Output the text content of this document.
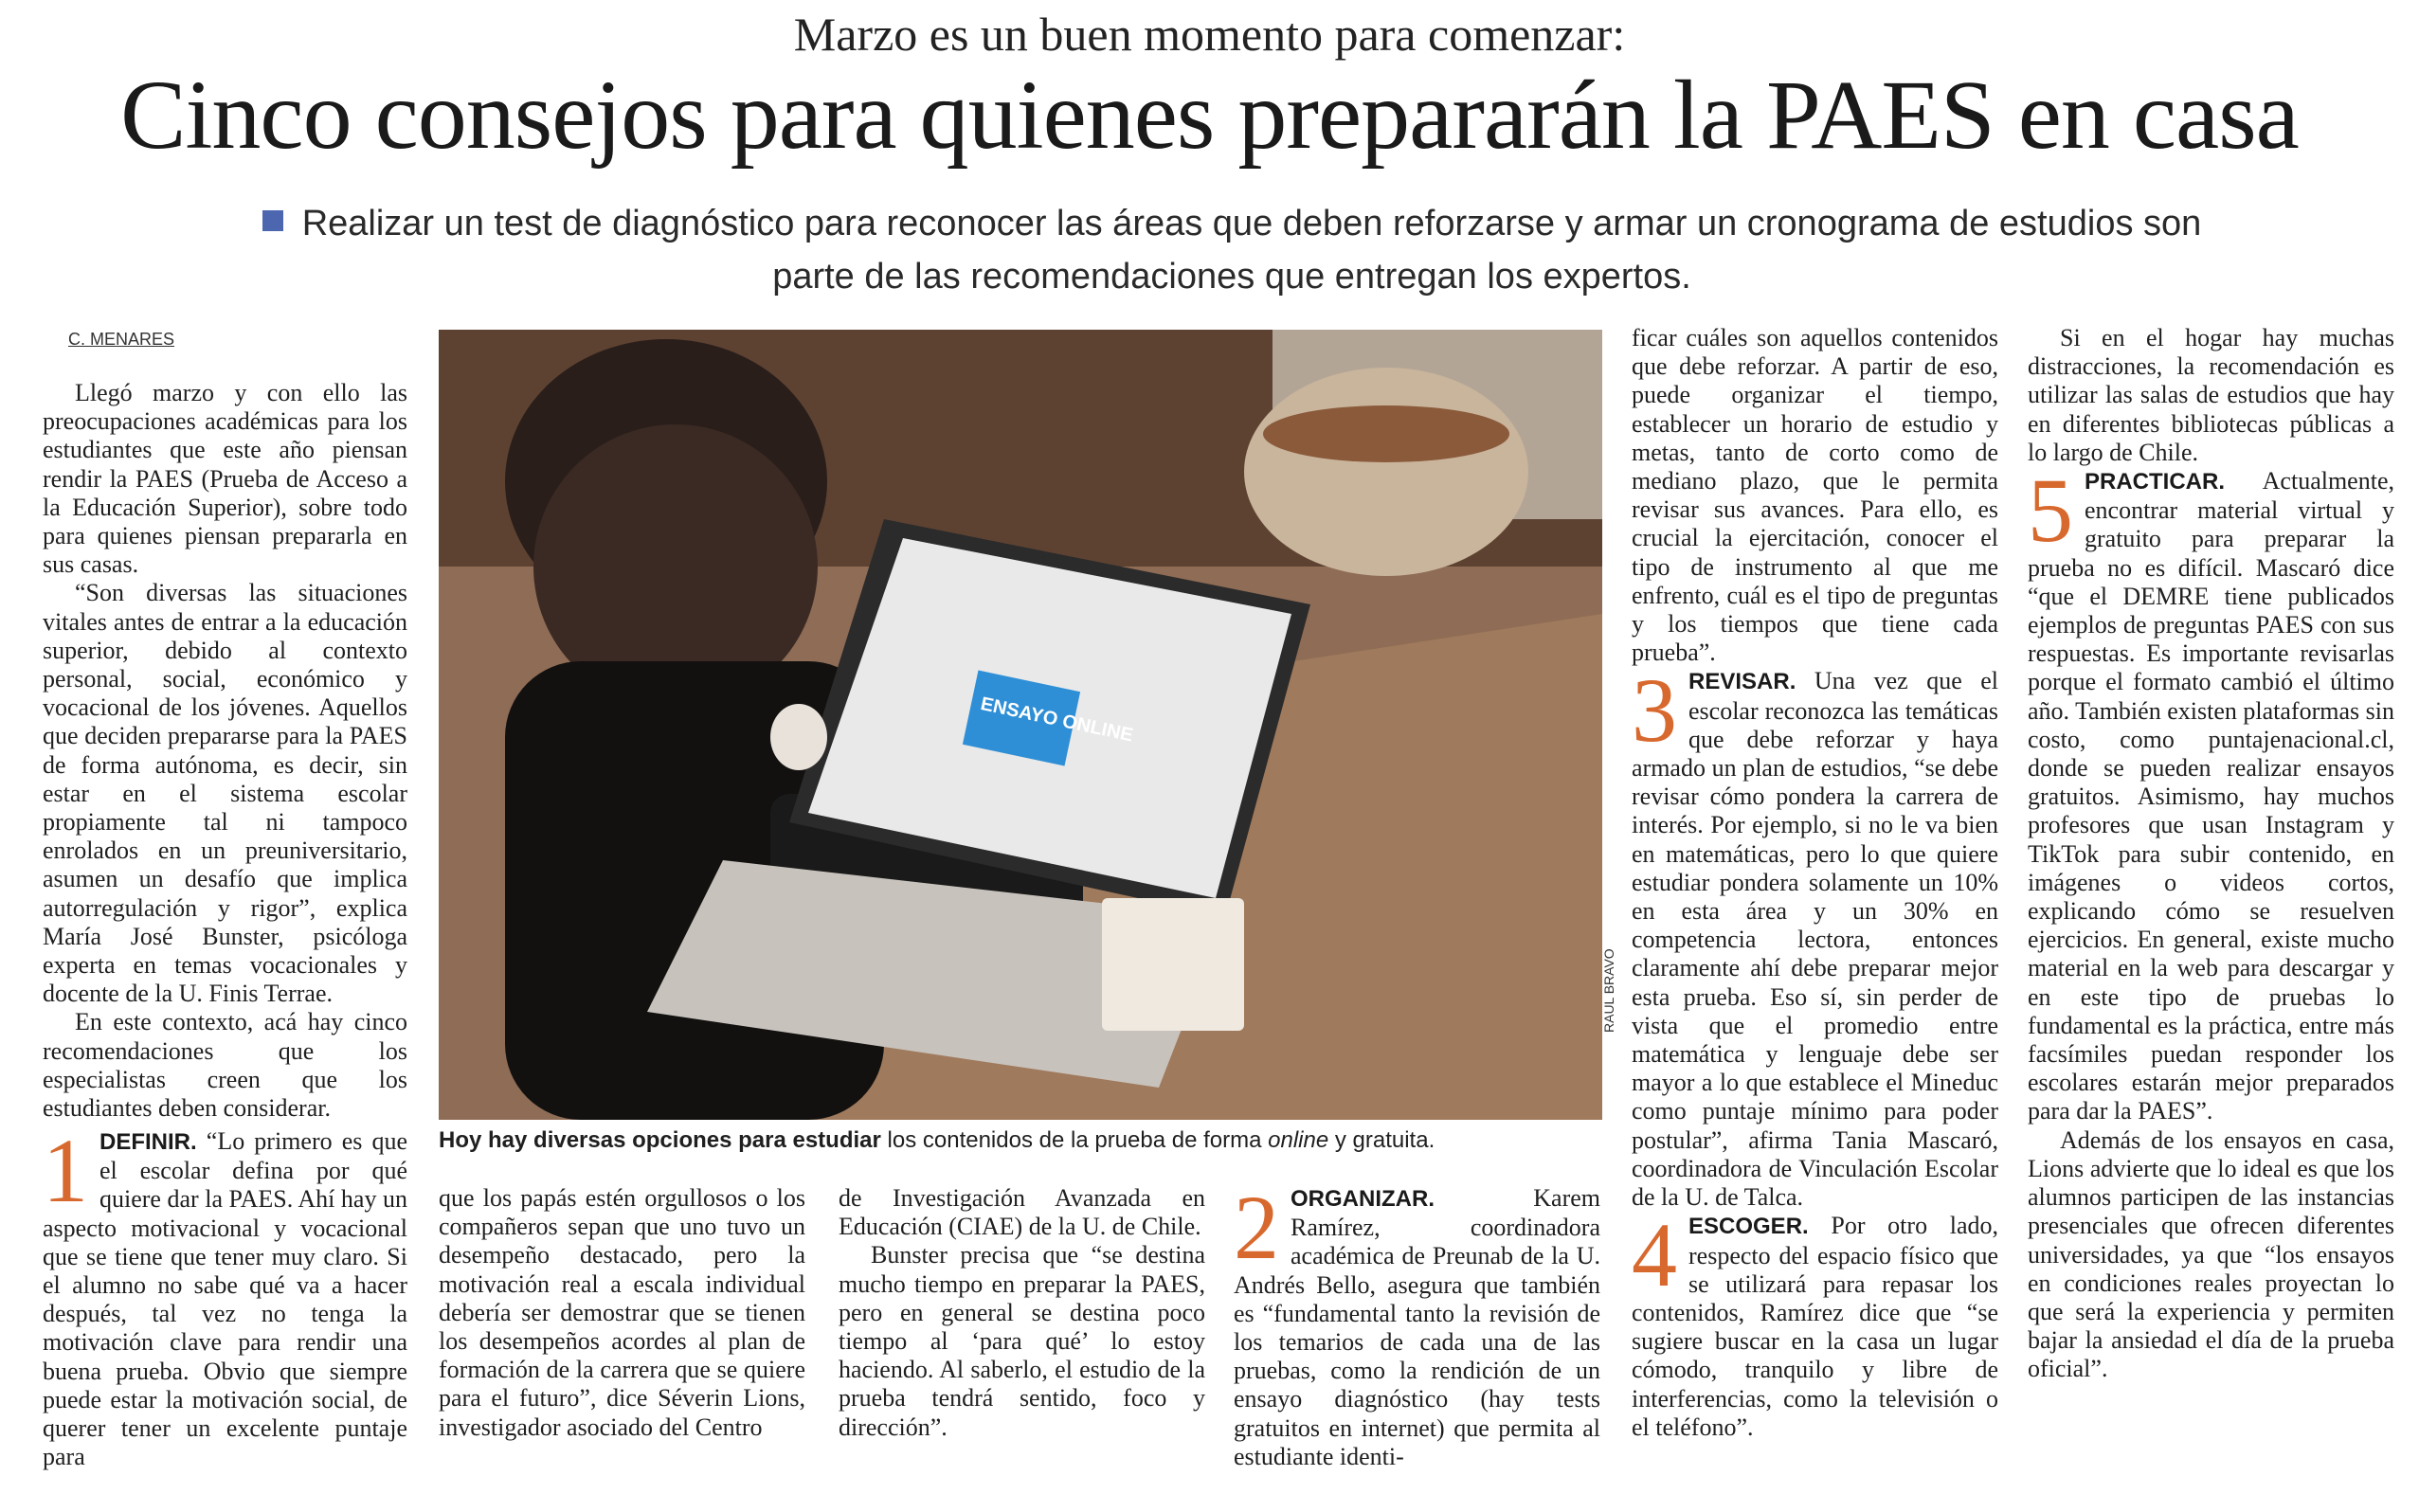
Marzo es un buen momento para comenzar:
Cinco consejos para quienes prepararán la PAES en casa
Realizar un test de diagnóstico para reconocer las áreas que deben reforzarse y armar un cronograma de estudios son parte de las recomendaciones que entregan los expertos.
C. MENARES
ENSAYO ONLINE
RAUL BRAVO
Hoy hay diversas opciones para estudiar los contenidos de la prueba de forma online y gratuita.

Llegó marzo y con ello las preocupaciones académicas para los estudiantes que este año piensan rendir la PAES (Prueba de Acceso a la Educación Superior), sobre todo para quienes piensan prepararla en sus casas.

“Son diversas las situaciones vitales antes de entrar a la educación superior, debido al contexto personal, social, económico y vocacional de los jóvenes. Aquellos que deciden prepararse para la PAES de forma autónoma, es decir, sin estar en el sistema escolar propiamente tal ni tampoco enrolados en un preuniversitario, asumen un desafío que implica autorregulación y rigor”, explica María José Bunster, psicóloga experta en temas vocacionales y docente de la U. Finis Terrae.

En este contexto, acá hay cinco recomendaciones que los especialistas creen que los estudiantes deben considerar.

1 DEFINIR. “Lo primero es que el escolar defina por qué quiere dar la PAES. Ahí hay un aspecto motivacional y vocacional que se tiene que tener muy claro. Si el alumno no sabe qué va a hacer después, tal vez no tenga la motivación clave para rendir una buena prueba. Obvio que siempre puede estar la motivación social, de querer tener un excelente puntaje para

que los papás estén orgullosos o los compañeros sepan que uno tuvo un desempeño destacado, pero la motivación real a escala individual debería ser demostrar que se tienen los desempeños acordes al plan de formación de la carrera que se quiere para el futuro”, dice Séverin Lions, investigador asociado del Centro

de Investigación Avanzada en Educación (CIAE) de la U. de Chile.

Bunster precisa que “se destina mucho tiempo en preparar la PAES, pero en general se destina poco tiempo al ‘para qué’ lo estoy haciendo. Al saberlo, el estudio de la prueba tendrá sentido, foco y dirección”.

2 ORGANIZAR.	Karem Ramírez, coordinadora académica de Preunab de la U. Andrés Bello, asegura que también es “fundamental tanto la revisión de los temarios de cada una de las pruebas, como la rendición de un ensayo diagnóstico (hay tests gratuitos en internet) que permita al estudiante identi-

ficar cuáles son aquellos contenidos que debe reforzar. A partir de eso, puede organizar el tiempo, establecer un horario de estudio y metas, tanto de corto como de mediano plazo, que le permita revisar sus avances. Para ello, es crucial la ejercitación, conocer el tipo de instrumento al que me enfrento, cuál es el tipo de preguntas y los tiempos que tiene cada prueba”.

3 REVISAR. Una vez que el escolar reconozca las temáticas que debe reforzar y haya armado un plan de estudios, “se debe revisar cómo pondera la carrera de interés. Por ejemplo, si no le va bien en matemáticas, pero lo que quiere estudiar pondera solamente un 10% en esta área y un 30% en competencia lectora, entonces claramente ahí debe preparar mejor esta prueba. Eso sí, sin perder de vista que el promedio entre matemática y lenguaje debe ser mayor a lo que establece el Mineduc como puntaje mínimo para poder postular”, afirma Tania Mascaró, coordinadora de Vinculación Escolar de la U. de Talca.

4 ESCOGER. Por otro lado, respecto del espacio físico que se utilizará para repasar los contenidos, Ramírez dice que “se sugiere buscar en la casa un lugar cómodo, tranquilo y libre de interferencias, como la televisión o el teléfono”.

Si en el hogar hay muchas distracciones, la recomendación es utilizar las salas de estudios que hay en diferentes bibliotecas públicas a lo largo de Chile.

5 PRACTICAR. Actualmente, encontrar material virtual y gratuito para preparar la prueba no es difícil. Mascaró dice “que el DEMRE tiene publicados ejemplos de preguntas PAES con sus respuestas. Es importante revisarlas porque el formato cambió el último año. También existen plataformas sin costo, como puntajenacional.cl, donde se pueden realizar ensayos gratuitos. Asimismo, hay muchos profesores que usan Instagram y TikTok para subir contenido, en imágenes o videos cortos, explicando cómo se resuelven ejercicios. En general, existe mucho material en la web para descargar y en este tipo de pruebas lo fundamental es la práctica, entre más facsímiles puedan responder los escolares estarán mejor preparados para dar la PAES”.

Además de los ensayos en casa, Lions advierte que lo ideal es que los alumnos participen de las instancias presenciales que ofrecen diferentes universidades, ya que “los ensayos en condiciones reales proyectan lo que será la experiencia y permiten bajar la ansiedad el día de la prueba oficial”.
